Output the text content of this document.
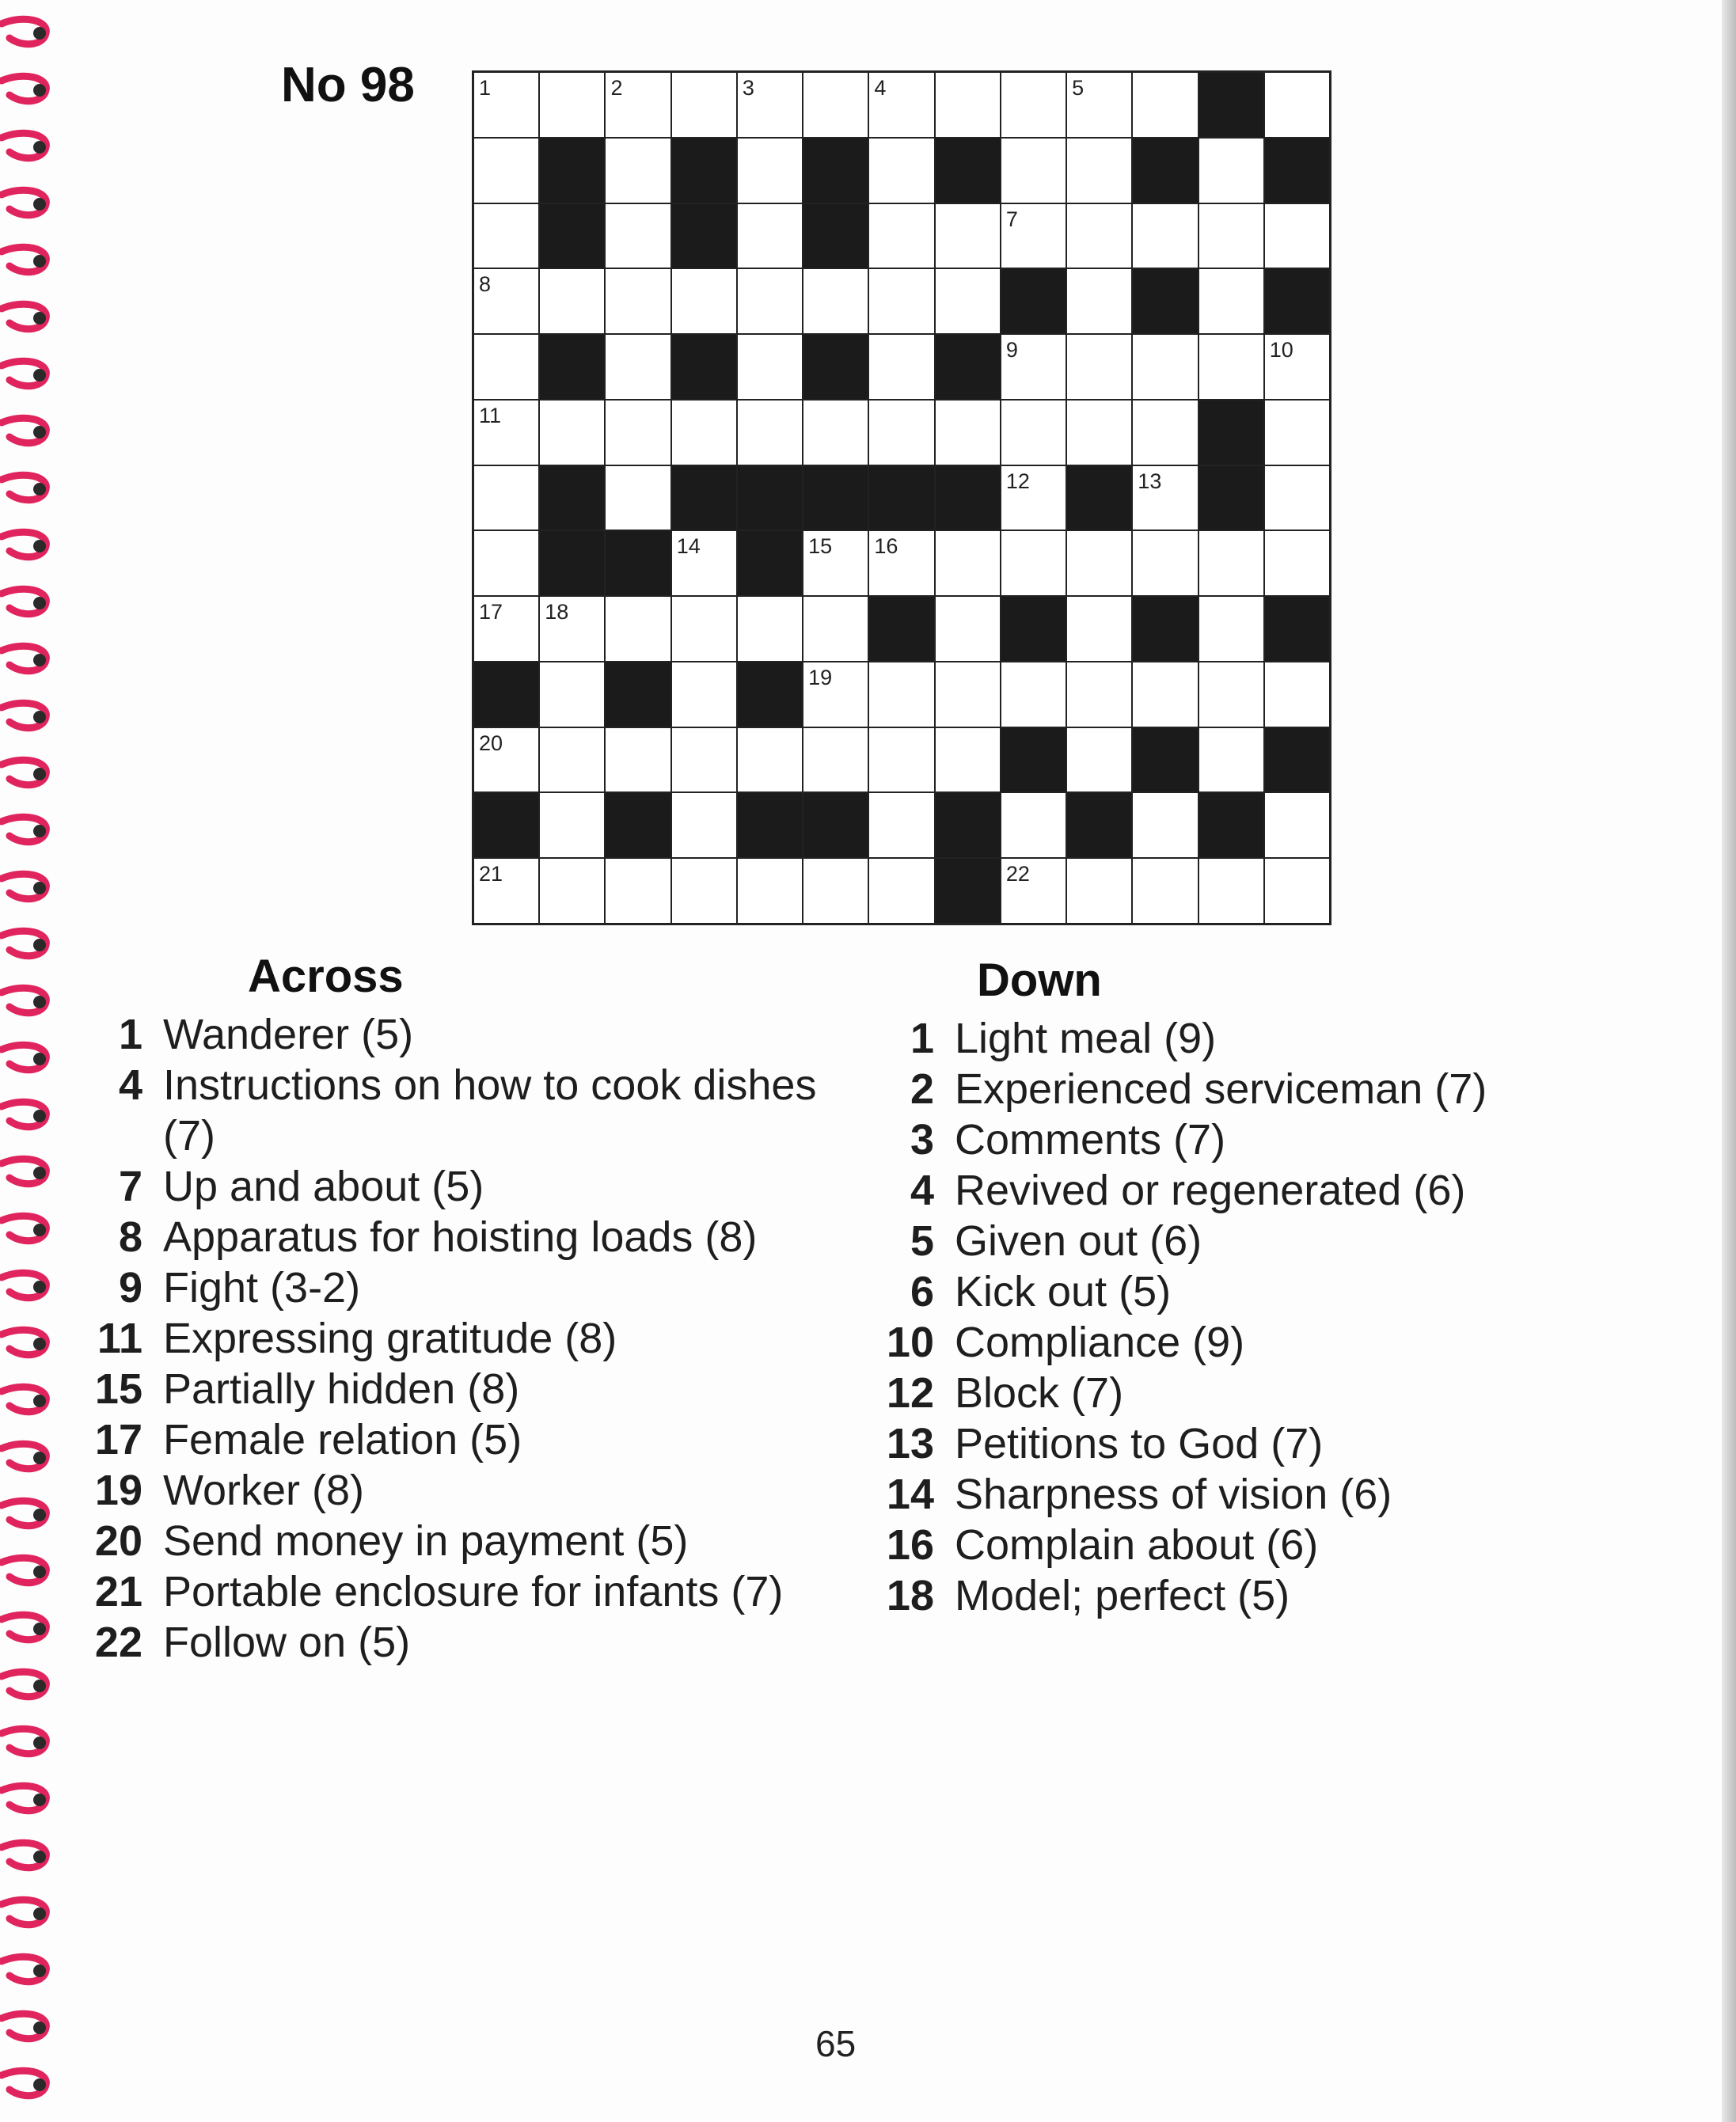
No 98	1	2	3	4	5
7
8
9	10
11
12	13
14	15 16
17 18
19
20
21	22
Across
1 Wanderer (5)
4 Instructions on how to cook dishes (7)
7 Up and about (5)
8 Apparatus for hoisting loads (8)
9 Fight (3-2)
11 Expressing gratitude (8)
15 Partially hidden (8)
17 Female relation (5)
19 Worker (8)
20 Send money in payment (5)
21 Portable enclosure for infants (7)
22 Follow on (5)
Down
1 Light meal (9)
2 Experienced serviceman (7)
3 Comments (7)
4 Revived or regenerated (6)
5 Given out (6)
6 Kick out (5)
10 Compliance (9)
12 Block (7)
13 Petitions to God (7)
14 Sharpness of vision (6)
16 Complain about (6)
18 Model; perfect (5)
65
